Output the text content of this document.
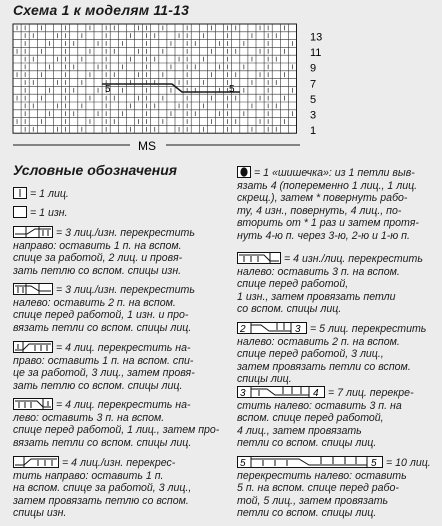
Схема 1 к моделям 11-13
5	5
13
11
9
7
5
3
1
MS
Условные обозначения
= 1 лиц.
= 1 изн.
= 3 лиц./изн. перекрестить
направо: оставить 1 п. на вспом.
спице за работой, 2 лиц. и провя-
зать петлю со вспом. спицы изн.
= 3 лиц./изн. перекрестить
налево: оставить 2 п. на вспом.
спице перед работой, 1 изн. и про-
вязать петли со вспом. спицы лиц.
= 4 лиц. перекрестить на-
право: оставить 1 п. на вспом. спи-
це за работой, 3 лиц., затем провя-
зать петлю со вспом. спицы лиц.
= 4 лиц. перекрестить на-
лево: оставить 3 п. на вспом.
спице перед работой, 1 лиц., затем про-
вязать петли со вспом. спицы лиц.
= 4 лиц./изн. перекрес-
тить направо: оставить 1 п.
на вспом. спице за работой, 3 лиц.,
затем провязать петлю со вспом.
спицы изн.
= 1 «шишечка»: из 1 петли выв-
язать 4 (попеременно 1 лиц., 1 лиц.
скрещ.), затем * повернуть рабо-
ту, 4 изн., повернуть, 4 лиц., по-
вторить от * 1 раз и затем протя-
нуть 4-ю п. через 3-ю, 2-ю и 1-ю п.
= 4 изн./лиц. перекрестить
налево: оставить 3 п. на вспом.
спице перед работой,
1 изн., затем провязать петли
со вспом. спицы лиц.
2	3 = 5 лиц. перекрестить
налево: оставить 2 п. на вспом.
спице перед работой, 3 лиц.,
затем провязать петли со вспом.
спицы лиц.
3	4 = 7 лиц. перекре-
стить налево: оставить 3 п. на
вспом. спице перед работой,
4 лиц., затем провязать
петли со вспом. спицы лиц.
5	5 = 10 лиц.
перекрестить налево: оставить
5 п. на вспом. спице перед рабо-
той, 5 лиц., затем провязать
петли со вспом. спицы лиц.
